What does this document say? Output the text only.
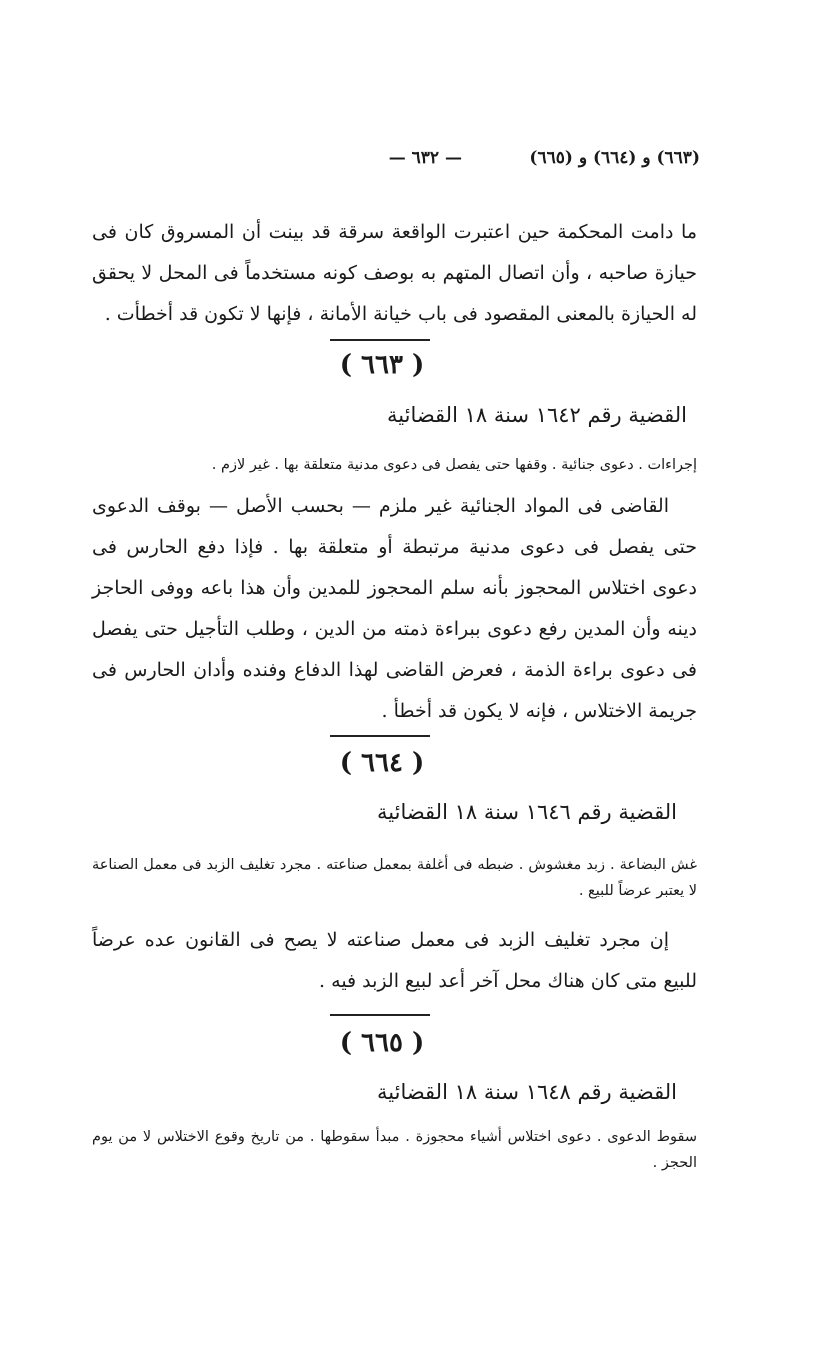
(٦٦٣) و (٦٦٤) و (٦٦٥)
— ٦٣٢ —

ما دامت المحكمة حين اعتبرت الواقعة سرقة قد بينت أن المسروق كان فى حيازة صاحبه ، وأن اتصال المتهم به بوصف كونه مستخدماً فى المحل لا يحقق له الحيازة بالمعنى المقصود فى باب خيانة الأمانة ، فإنها لا تكون قد أخطأت .

( ٦٦٣ )

القضية رقم ١٦٤٢ سنة ١٨ القضائية

إجراءات . دعوى جنائية . وقفها حتى يفصل فى دعوى مدنية متعلقة بها . غير لازم .

القاضى فى المواد الجنائية غير ملزم — بحسب الأصل — بوقف الدعوى حتى يفصل فى دعوى مدنية مرتبطة أو متعلقة بها . فإذا دفع الحارس فى دعوى اختلاس المحجوز بأنه سلم المحجوز للمدين وأن هذا باعه ووفى الحاجز دينه وأن المدين رفع دعوى ببراءة ذمته من الدين ، وطلب التأجيل حتى يفصل فى دعوى براءة الذمة ، فعرض القاضى لهذا الدفاع وفنده وأدان الحارس فى جريمة الاختلاس ، فإنه لا يكون قد أخطأ .

( ٦٦٤ )

القضية رقم ١٦٤٦ سنة ١٨ القضائية

غش البضاعة . زبد مغشوش . ضبطه فى أغلفة بمعمل صناعته . مجرد تغليف الزبد فى معمل الصناعة لا يعتبر عرضاً للبيع .

إن مجرد تغليف الزبد فى معمل صناعته لا يصح فى القانون عده عرضاً للبيع متى كان هناك محل آخر أعد لبيع الزبد فيه .

( ٦٦٥ )

القضية رقم ١٦٤٨ سنة ١٨ القضائية

سقوط الدعوى . دعوى اختلاس أشياء محجوزة . مبدأ سقوطها . من تاريخ وقوع الاختلاس لا من يوم الحجز .
